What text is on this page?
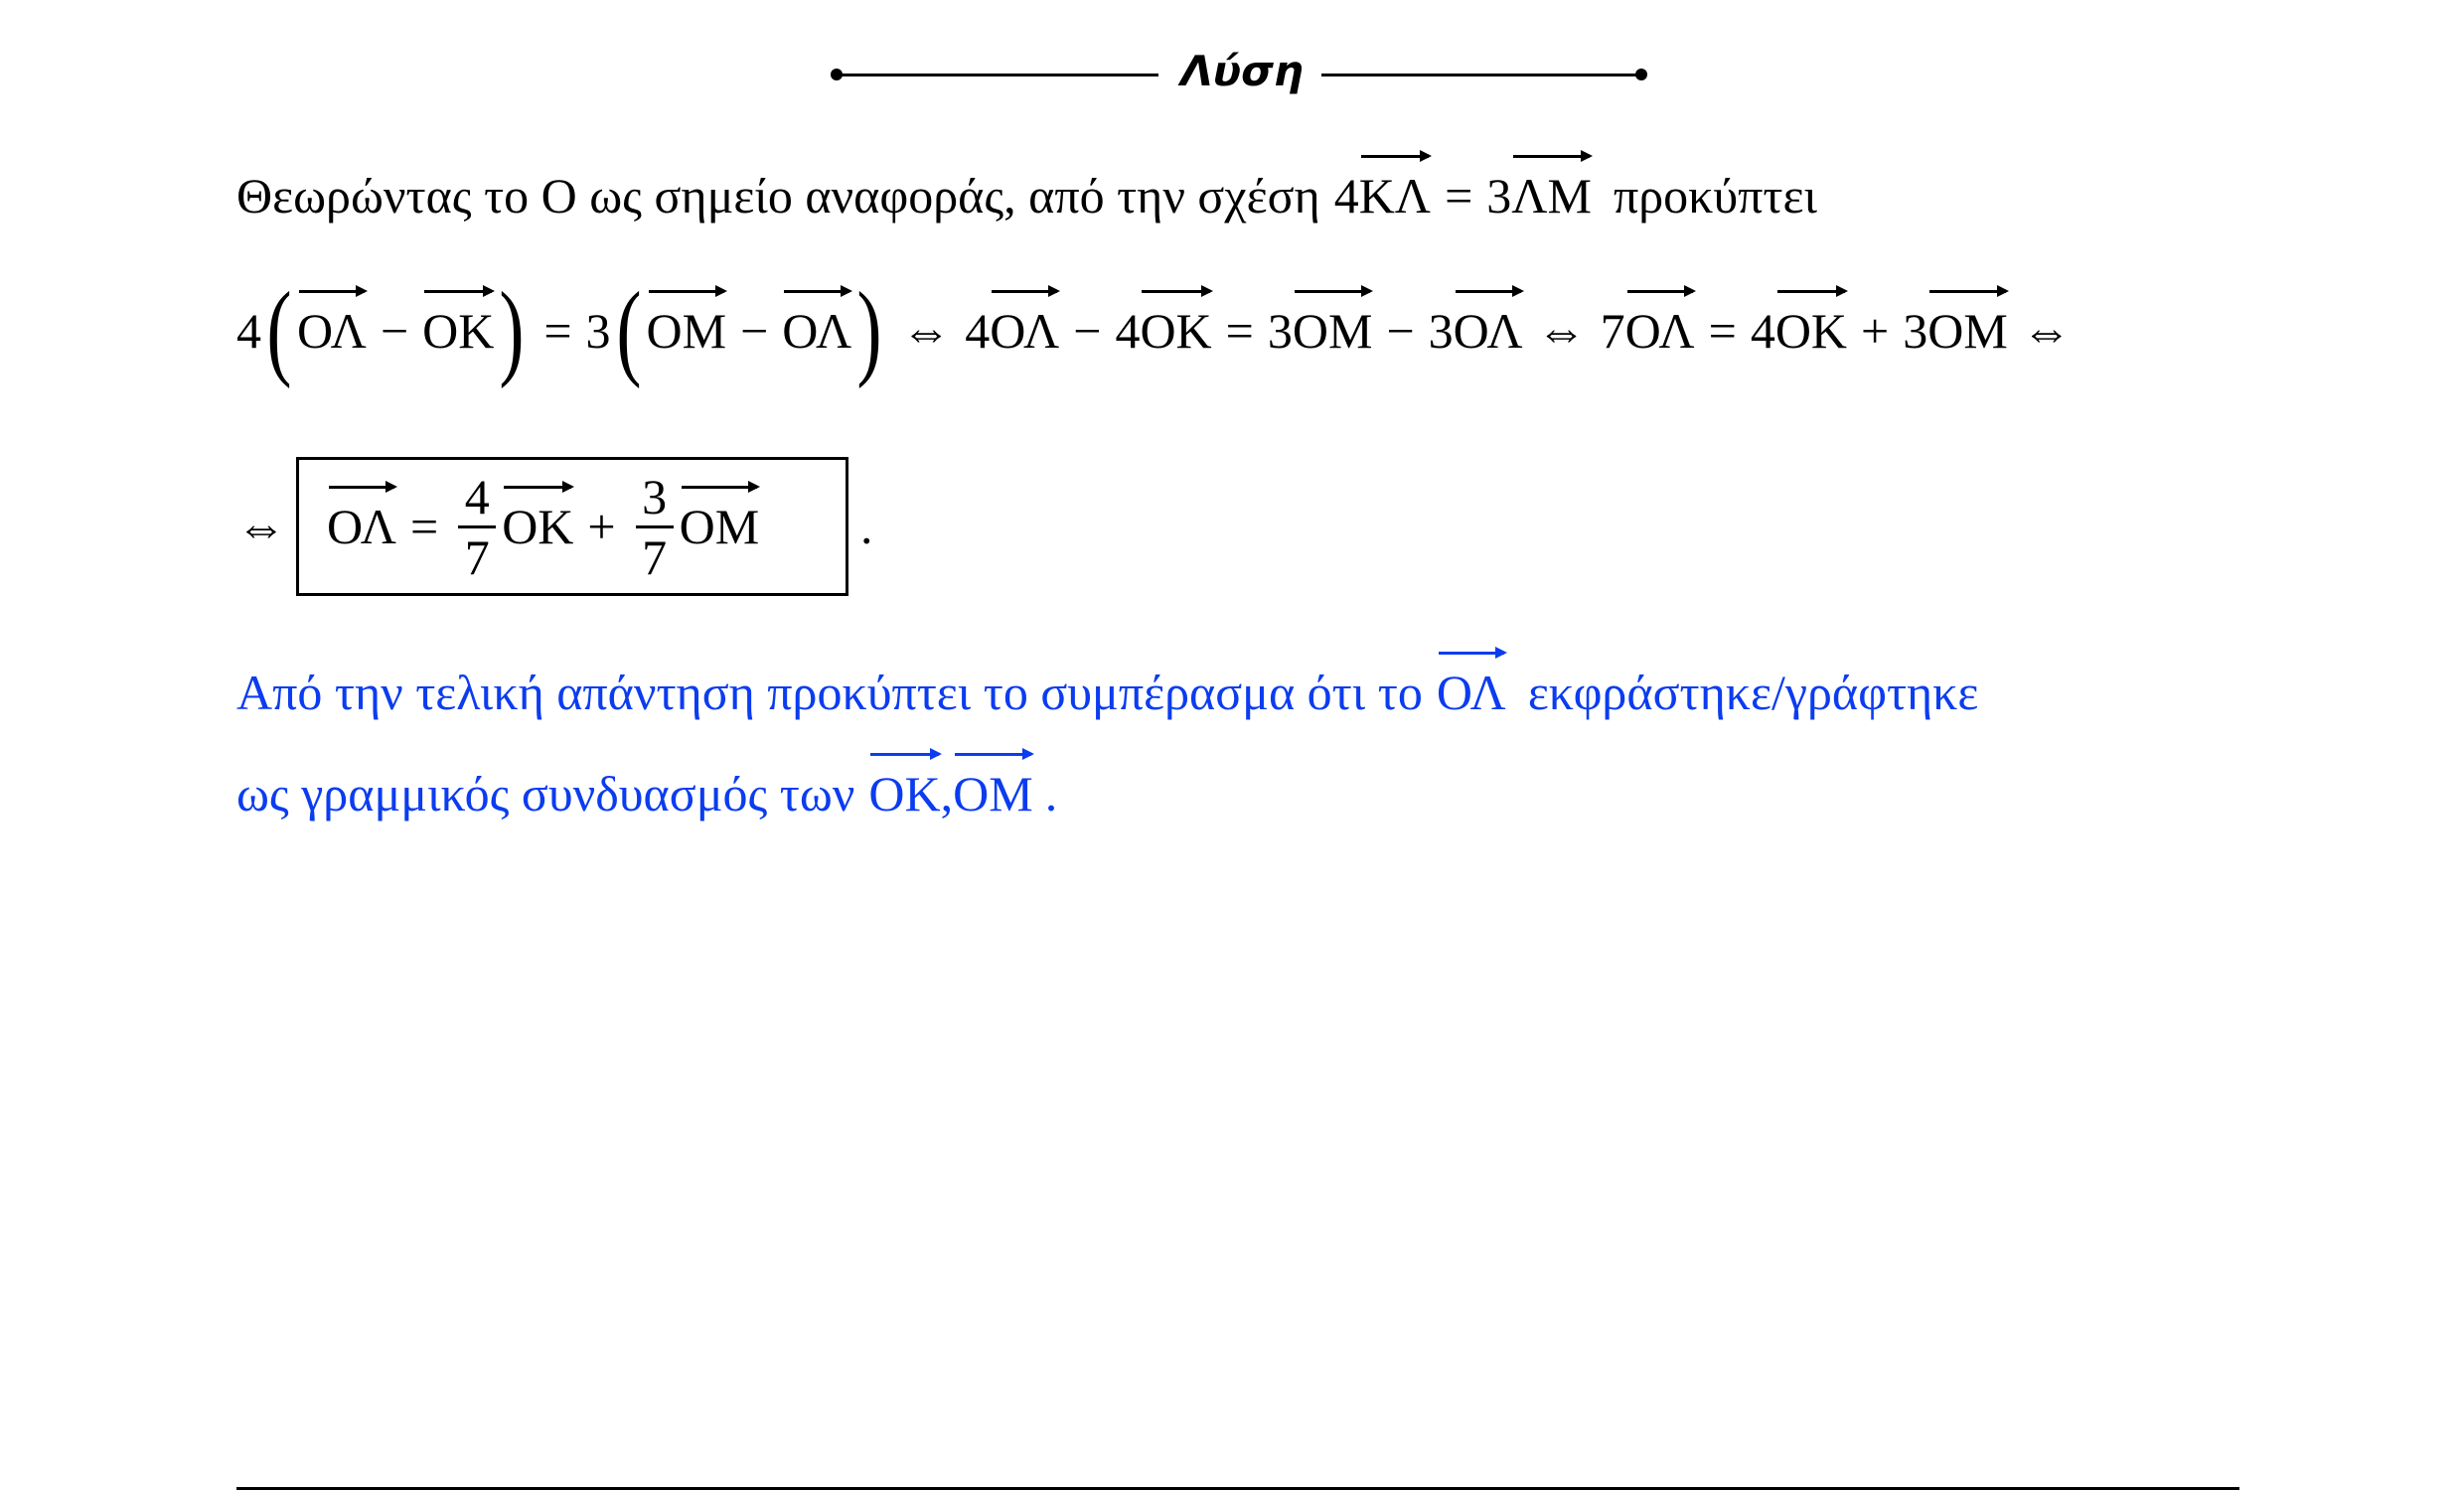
Λύση
Θεωρώντας το Ο ως σημείο αναφοράς, από την σχέση 4 ΚΛ = 3 ΛΜ προκύπτει
4 ( ΟΛ − ΟΚ ) = 3 ( ΟΜ − ΟΛ ) ⇔ 4 ΟΛ − 4 ΟΚ = 3 ΟΜ − 3 ΟΛ ⇔ 7 ΟΛ = 4 ΟΚ + 3 ΟΜ ⇔
⇔ $O\Lambda = \frac{4}{7}$ $OK + \frac{3}{7}$ ΟΜ .
Από την τελική απάντηση προκύπτει το συμπέρασμα ότι το ΟΛ εκφράστηκε/γράφτηκε
ως γραμμικός συνδυασμός των ΟΚ , ΟΜ .
